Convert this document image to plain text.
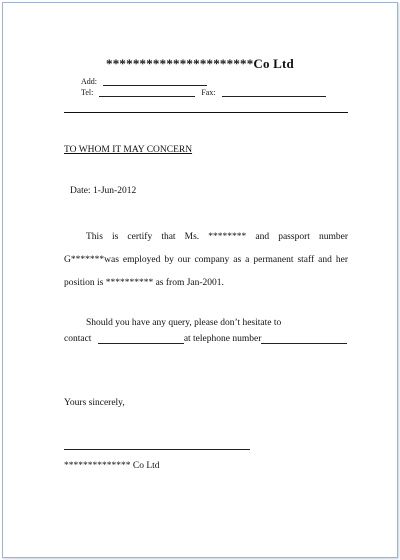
**********************Co Ltd
Add:
Tel:	Fax:
TO WHOM IT MAY CONCERN
Date: 1-Jun-2012
This is certify that Ms. ******** and passport number G*******was employed by our company as a permanent staff and her position is ********** as from Jan-2001.
Should you have any query, please don’t hesitate to
contact	at telephone number
Yours sincerely,
************** Co Ltd
